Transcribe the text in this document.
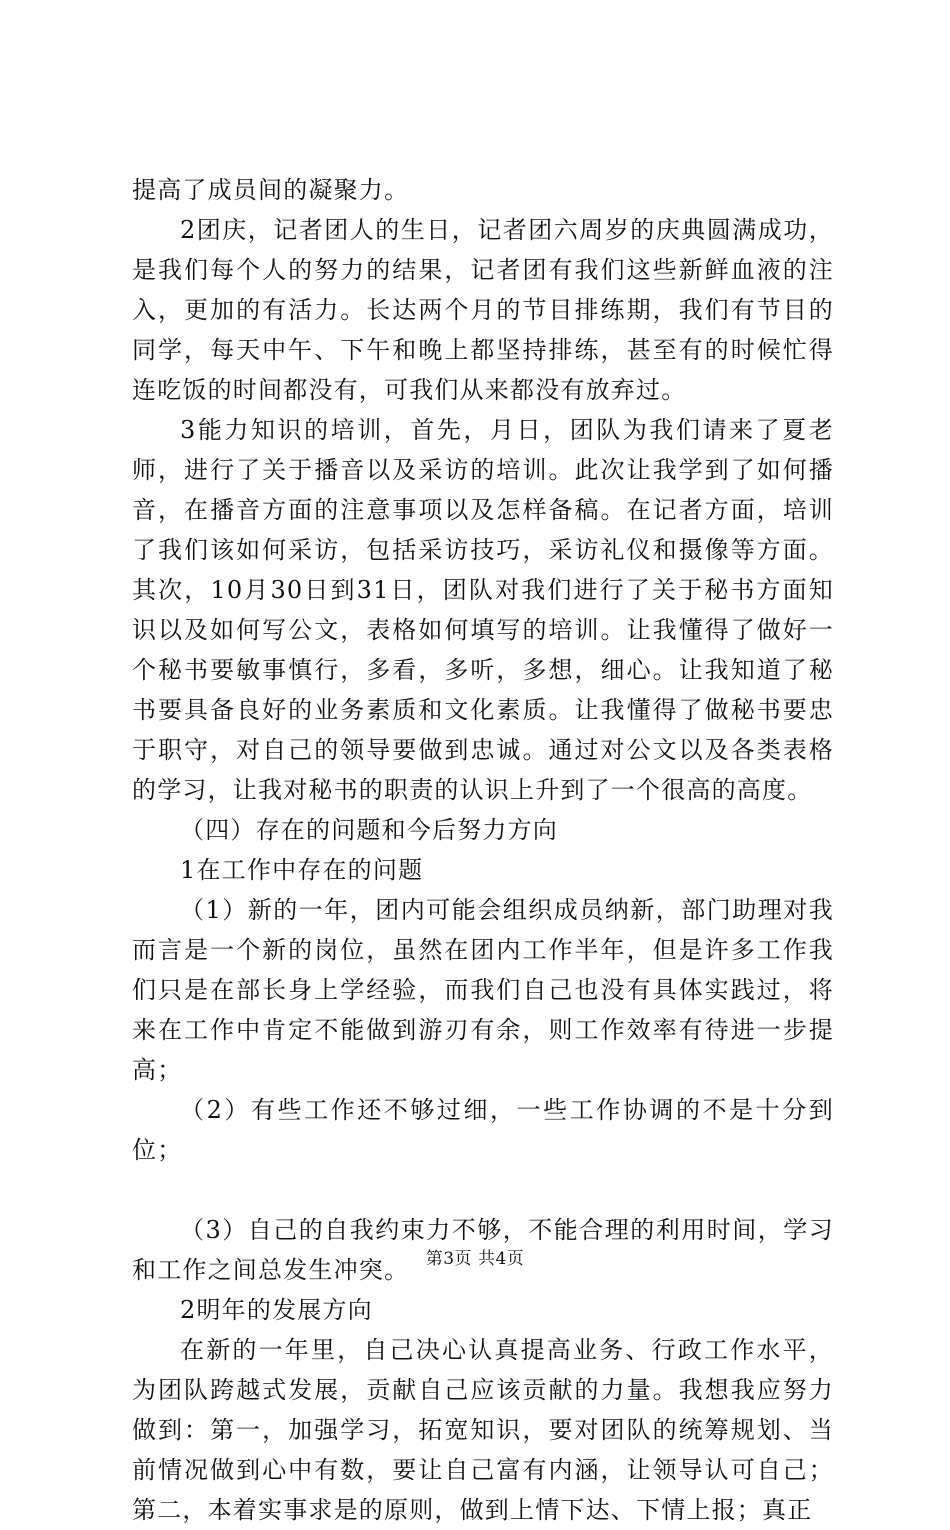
提高了成员间的凝聚力。

2团庆，记者团人的生日，记者团六周岁的庆典圆满成功，是我们每个人的努力的结果，记者团有我们这些新鲜血液的注入，更加的有活力。长达两个月的节目排练期，我们有节目的同学，每天中午、下午和晚上都坚持排练，甚至有的时候忙得连吃饭的时间都没有，可我们从来都没有放弃过。

3能力知识的培训，首先，月日，团队为我们请来了夏老师，进行了关于播音以及采访的培训。此次让我学到了如何播音，在播音方面的注意事项以及怎样备稿。在记者方面，培训了我们该如何采访，包括采访技巧，采访礼仪和摄像等方面。其次，10月30日到31日，团队对我们进行了关于秘书方面知识以及如何写公文，表格如何填写的培训。让我懂得了做好一个秘书要敏事慎行，多看，多听，多想，细心。让我知道了秘书要具备良好的业务素质和文化素质。让我懂得了做秘书要忠于职守，对自己的领导要做到忠诚。通过对公文以及各类表格的学习，让我对秘书的职责的认识上升到了一个很高的高度。

（四）存在的问题和今后努力方向

1在工作中存在的问题

（1）新的一年，团内可能会组织成员纳新，部门助理对我而言是一个新的岗位，虽然在团内工作半年，但是许多工作我们只是在部长身上学经验，而我们自己也没有具体实践过，将来在工作中肯定不能做到游刃有余，则工作效率有待进一步提高；

（2）有些工作还不够过细，一些工作协调的不是十分到位；

（3）自己的自我约束力不够，不能合理的利用时间，学习和工作之间总发生冲突。

2明年的发展方向

在新的一年里，自己决心认真提高业务、行政工作水平，为团队跨越式发展，贡献自己应该贡献的力量。我想我应努力做到：第一，加强学习，拓宽知识，要对团队的统筹规划、当前情况做到心中有数，要让自己富有内涵，让领导认可自己；第二，本着实事求是的原则，做到上情下达、下情上报；真正

第3页 共4页
